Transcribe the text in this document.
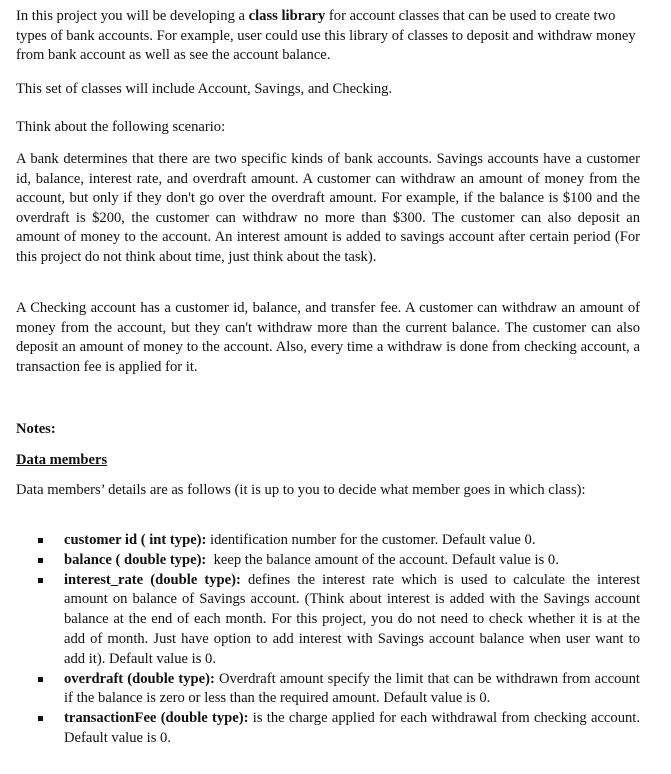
In this project you will be developing a class library for account classes that can be used to create two types of bank accounts. For example, user could use this library of classes to deposit and withdraw money from bank account as well as see the account balance.

This set of classes will include Account, Savings, and Checking.

Think about the following scenario:

A bank determines that there are two specific kinds of bank accounts. Savings accounts have a customer id, balance, interest rate, and overdraft amount. A customer can withdraw an amount of money from the account, but only if they don't go over the overdraft amount. For example, if the balance is $100 and the overdraft is $200, the customer can withdraw no more than $300. The customer can also deposit an amount of money to the account. An interest amount is added to savings account after certain period (For this project do not think about time, just think about the task).

A Checking account has a customer id, balance, and transfer fee. A customer can withdraw an amount of money from the account, but they can't withdraw more than the current balance. The customer can also deposit an amount of money to the account. Also, every time a withdraw is done from checking account, a transaction fee is applied for it.

Notes:

Data members

Data members’ details are as follows (it is up to you to decide what member goes in which class):

customer id ( int type): identification number for the customer. Default value 0.
balance ( double type):  keep the balance amount of the account. Default value is 0.
interest_rate (double type): defines the interest rate which is used to calculate the interest amount on balance of Savings account. (Think about interest is added with the Savings account balance at the end of each month. For this project, you do not need to check whether it is at the add of month. Just have option to add interest with Savings account balance when user want to add it). Default value is 0.
overdraft (double type): Overdraft amount specify the limit that can be withdrawn from account if the balance is zero or less than the required amount. Default value is 0.
transactionFee (double type): is the charge applied for each withdrawal from checking account. Default value is 0.
